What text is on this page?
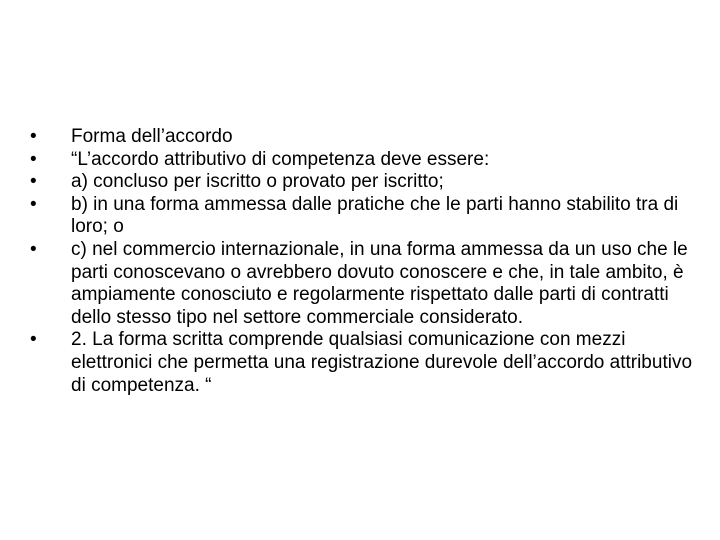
• Forma dell’accordo
• “L’accordo attributivo di competenza deve essere:
• a) concluso per iscritto o provato per iscritto;
• b) in una forma ammessa dalle pratiche che le parti hanno stabilito tra di loro; o
• c) nel commercio internazionale, in una forma ammessa da un uso che le parti conoscevano o avrebbero dovuto conoscere e che, in tale ambito, è ampiamente conosciuto e regolarmente rispettato dalle parti di contratti dello stesso tipo nel settore commerciale considerato.
• 2. La forma scritta comprende qualsiasi comunicazione con mezzi elettronici che permetta una registrazione durevole dell’accordo attributivo di competenza. “
